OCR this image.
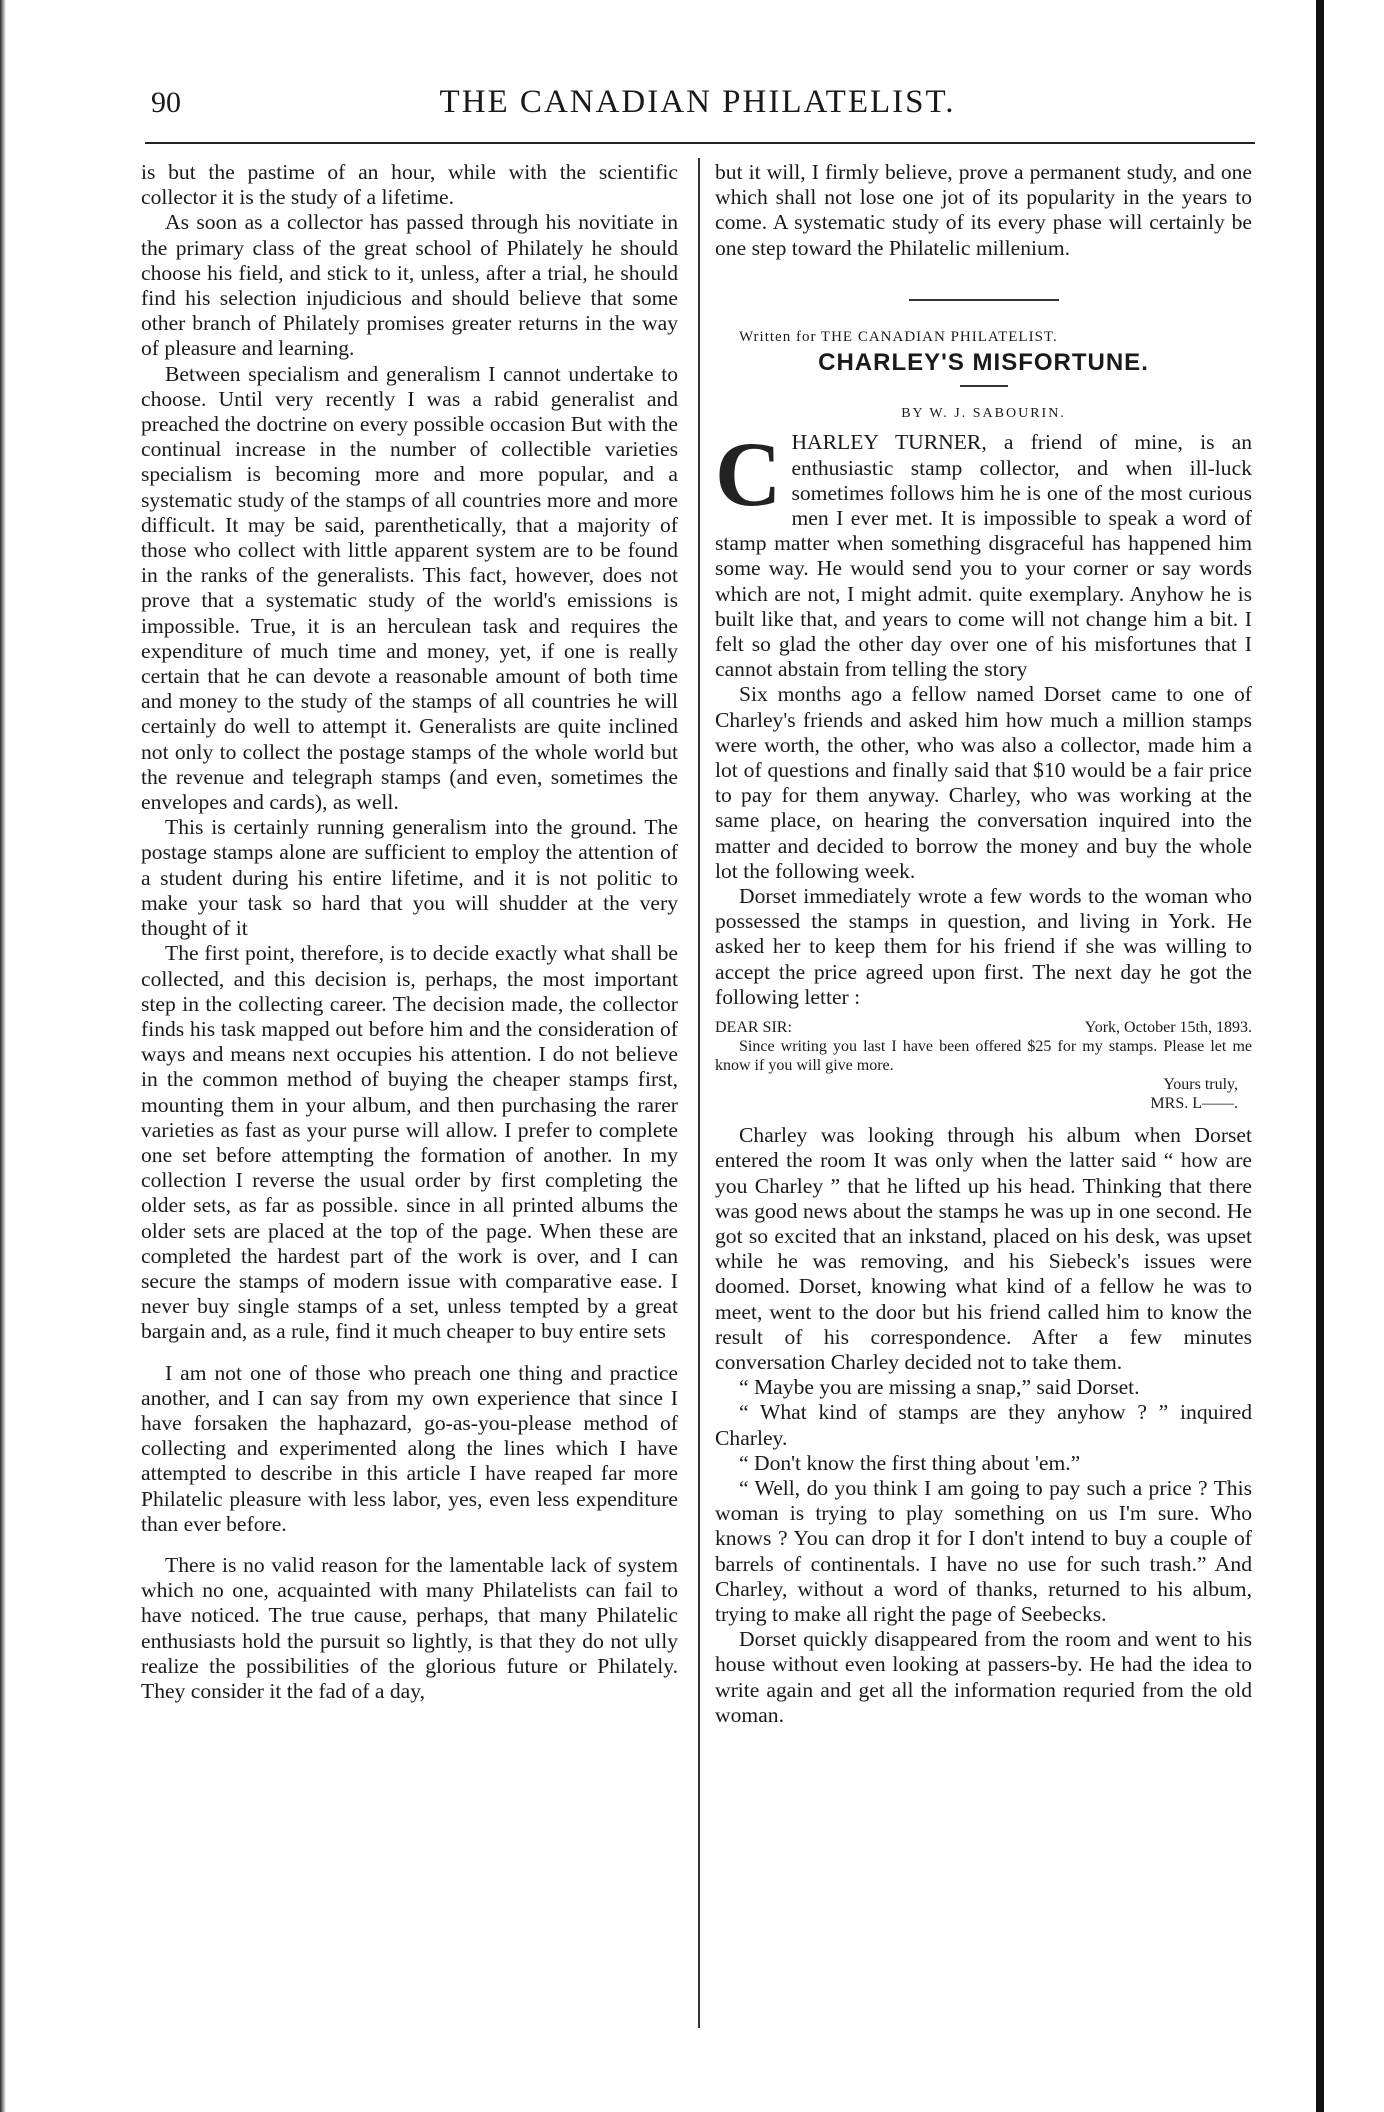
90	THE CANADIAN PHILATELIST.

is but the pastime of an hour, while with the scientific collector it is the study of a lifetime.

As soon as a collector has passed through his novitiate in the primary class of the great school of Philately he should choose his field, and stick to it, unless, after a trial, he should find his selection injudicious and should believe that some other branch of Philately promises greater returns in the way of pleasure and learning.

Between specialism and generalism I cannot undertake to choose. Until very recently I was a rabid generalist and preached the doctrine on every possible occasion But with the continual increase in the number of collectible varieties specialism is becoming more and more popular, and a systematic study of the stamps of all countries more and more difficult. It may be said, parenthetically, that a majority of those who collect with little apparent system are to be found in the ranks of the generalists. This fact, however, does not prove that a systematic study of the world's emissions is impossible. True, it is an herculean task and requires the expenditure of much time and money, yet, if one is really certain that he can devote a reasonable amount of both time and money to the study of the stamps of all countries he will certainly do well to attempt it. Generalists are quite inclined not only to collect the postage stamps of the whole world but the revenue and telegraph stamps (and even, sometimes the envelopes and cards), as well.

This is certainly running generalism into the ground. The postage stamps alone are sufficient to employ the attention of a student during his entire lifetime, and it is not politic to make your task so hard that you will shudder at the very thought of it

The first point, therefore, is to decide exactly what shall be collected, and this decision is, perhaps, the most important step in the collecting career. The decision made, the collector finds his task mapped out before him and the consideration of ways and means next occupies his attention. I do not believe in the common method of buying the cheaper stamps first, mounting them in your album, and then purchasing the rarer varieties as fast as your purse will allow. I prefer to complete one set before attempting the formation of another. In my collection I reverse the usual order by first completing the older sets, as far as possible. since in all printed albums the older sets are placed at the top of the page. When these are completed the hardest part of the work is over, and I can secure the stamps of modern issue with comparative ease. I never buy single stamps of a set, unless tempted by a great bargain and, as a rule, find it much cheaper to buy entire sets

I am not one of those who preach one thing and practice another, and I can say from my own experience that since I have forsaken the haphazard, go-as-you-please method of collecting and experimented along the lines which I have attempted to describe in this article I have reaped far more Philatelic pleasure with less labor, yes, even less expenditure than ever before.

There is no valid reason for the lamentable lack of system which no one, acquainted with many Philatelists can fail to have noticed. The true cause, perhaps, that many Philatelic enthusiasts hold the pursuit so lightly, is that they do not ully realize the possibilities of the glorious future or Philately. They consider it the fad of a day,

but it will, I firmly believe, prove a permanent study, and one which shall not lose one jot of its popularity in the years to come. A systematic study of its every phase will certainly be one step toward the Philatelic millenium.

Written for THE CANADIAN PHILATELIST.

CHARLEY'S MISFORTUNE.
BY W. J. SABOURIN.

CHARLEY TURNER, a friend of mine, is an enthusiastic stamp collector, and when ill-luck sometimes follows him he is one of the most curious men I ever met. It is impossible to speak a word of stamp matter when something disgraceful has happened him some way. He would send you to your corner or say words which are not, I might admit. quite exemplary. Anyhow he is built like that, and years to come will not change him a bit. I felt so glad the other day over one of his misfortunes that I cannot abstain from telling the story

Six months ago a fellow named Dorset came to one of Charley's friends and asked him how much a million stamps were worth, the other, who was also a collector, made him a lot of questions and finally said that $10 would be a fair price to pay for them anyway. Charley, who was working at the same place, on hearing the conversation inquired into the matter and decided to borrow the money and buy the whole lot the following week.

Dorset immediately wrote a few words to the woman who possessed the stamps in question, and living in York. He asked her to keep them for his friend if she was willing to accept the price agreed upon first. The next day he got the following letter :

DEAR SIR:	York, October 15th, 1893.

Since writing you last I have been offered $25 for my stamps. Please let me know if you will give more.

Yours truly,
MRS. L——.

Charley was looking through his album when Dorset entered the room It was only when the latter said “ how are you Charley ” that he lifted up his head. Thinking that there was good news about the stamps he was up in one second. He got so excited that an inkstand, placed on his desk, was upset while he was removing, and his Siebeck's issues were doomed. Dorset, knowing what kind of a fellow he was to meet, went to the door but his friend called him to know the result of his correspondence. After a few minutes conversation Charley decided not to take them.

“ Maybe you are missing a snap,” said Dorset.

“ What kind of stamps are they anyhow ? ” inquired Charley.

“ Don't know the first thing about 'em.”

“ Well, do you think I am going to pay such a price ? This woman is trying to play something on us I'm sure. Who knows ? You can drop it for I don't intend to buy a couple of barrels of continentals. I have no use for such trash.” And Charley, without a word of thanks, returned to his album, trying to make all right the page of Seebecks.

Dorset quickly disappeared from the room and went to his house without even looking at passers-by. He had the idea to write again and get all the information requried from the old woman.
